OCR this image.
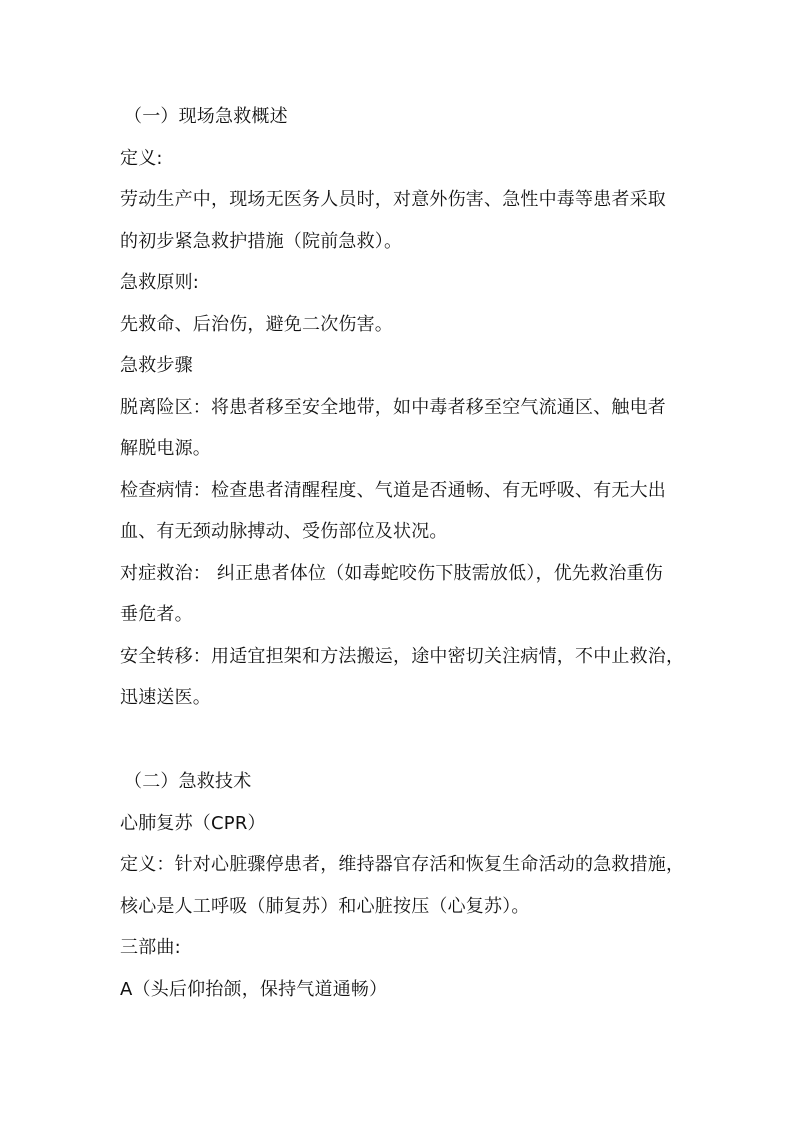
（一）现场急救概述
定义:
劳动生产中，现场无医务人员时，对意外伤害、急性中毒等患者采取
的初步紧急救护措施（院前急救）。
急救原则:
先救命、后治伤，避免二次伤害。
急救步骤
脱离险区：将患者移至安全地带，如中毒者移至空气流通区、触电者
解脱电源。
检查病情：检查患者清醒程度、气道是否通畅、有无呼吸、有无大出
血、有无颈动脉搏动、受伤部位及状况。
对症救治： 纠正患者体位（如毒蛇咬伤下肢需放低），优先救治重伤
垂危者。
安全转移：用适宜担架和方法搬运，途中密切关注病情，不中止救治，
迅速送医。
（二）急救技术
心肺复苏（CPR）
定义：针对心脏骤停患者，维持器官存活和恢复生命活动的急救措施，
核心是人工呼吸（肺复苏）和心脏按压（心复苏）。
三部曲:
A（头后仰抬颌，保持气道通畅）
